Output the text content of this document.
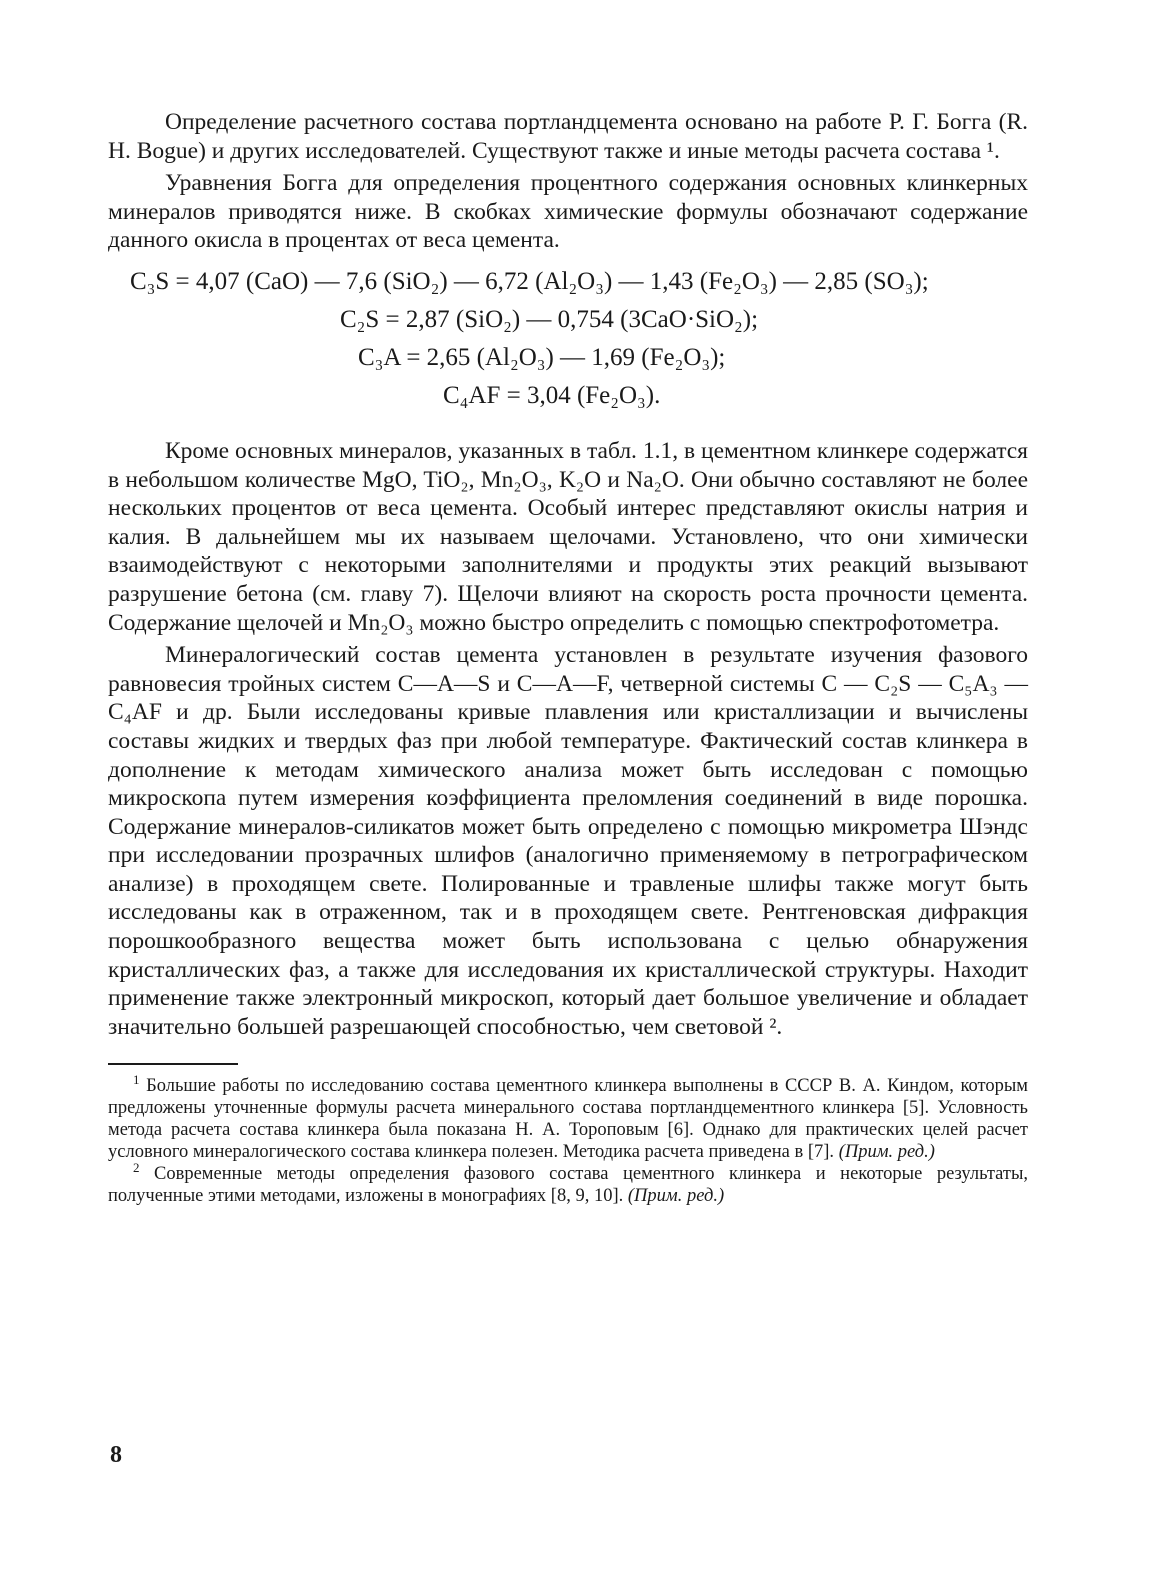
Определение расчетного состава портландцемента основано на работе Р. Г. Богга (R. H. Bogue) и других исследователей. Существуют также и иные методы расчета состава ¹.

Уравнения Богга для определения процентного содержания основных клинкерных минералов приводятся ниже. В скобках химические формулы обозначают содержание данного окисла в процентах от веса цемента.

C₃S = 4,07 (CaO) — 7,6 (SiO₂) — 6,72 (Al₂O₃) — 1,43 (Fe₂O₃) — 2,85 (SO₃);
C₂S = 2,87 (SiO₂) — 0,754 (3CaO·SiO₂);
C₃A = 2,65 (Al₂O₃) — 1,69 (Fe₂O₃);
C₄AF = 3,04 (Fe₂O₃).

Кроме основных минералов, указанных в табл. 1.1, в цементном клинкере содержатся в небольшом количестве MgO, TiO₂, Mn₂O₃, K₂O и Na₂O. Они обычно составляют не более нескольких процентов от веса цемента. Особый интерес представляют окислы натрия и калия. В дальнейшем мы их называем щелочами. Установлено, что они химически взаимодействуют с некоторыми заполнителями и продукты этих реакций вызывают разрушение бетона (см. главу 7). Щелочи влияют на скорость роста прочности цемента. Содержание щелочей и Mn₂O₃ можно быстро определить с помощью спектрофотометра.

Минералогический состав цемента установлен в результате изучения фазового равновесия тройных систем C—A—S и C—A—F, четверной системы C — C₂S — C₅A₃ — C₄AF и др. Были исследованы кривые плавления или кристаллизации и вычислены составы жидких и твердых фаз при любой температуре. Фактический состав клинкера в дополнение к методам химического анализа может быть исследован с помощью микроскопа путем измерения коэффициента преломления соединений в виде порошка. Содержание минералов-силикатов может быть определено с помощью микрометра Шэндс при исследовании прозрачных шлифов (аналогично применяемому в петрографическом анализе) в проходящем свете. Полированные и травленые шлифы также могут быть исследованы как в отраженном, так и в проходящем свете. Рентгеновская дифракция порошкообразного вещества может быть использована с целью обнаружения кристаллических фаз, а также для исследования их кристаллической структуры. Находит применение также электронный микроскоп, который дает большое увеличение и обладает значительно большей разрешающей способностью, чем световой ².

$^1$ Большие работы по исследованию состава цементного клинкера выполнены в СССР В. А. Киндом, которым предложены уточненные формулы расчета минерального состава портландцементного клинкера [5]. Условность метода расчета состава клинкера была показана Н. А. Тороповым [6]. Однако для практических целей расчет условного минералогического состава клинкера полезен. Методика расчета приведена в [7]. (Прим. ред.)

$^2$ Современные методы определения фазового состава цементного клинкера и некоторые результаты, полученные этими методами, изложены в монографиях [8, 9, 10]. (Прим. ред.)

8
